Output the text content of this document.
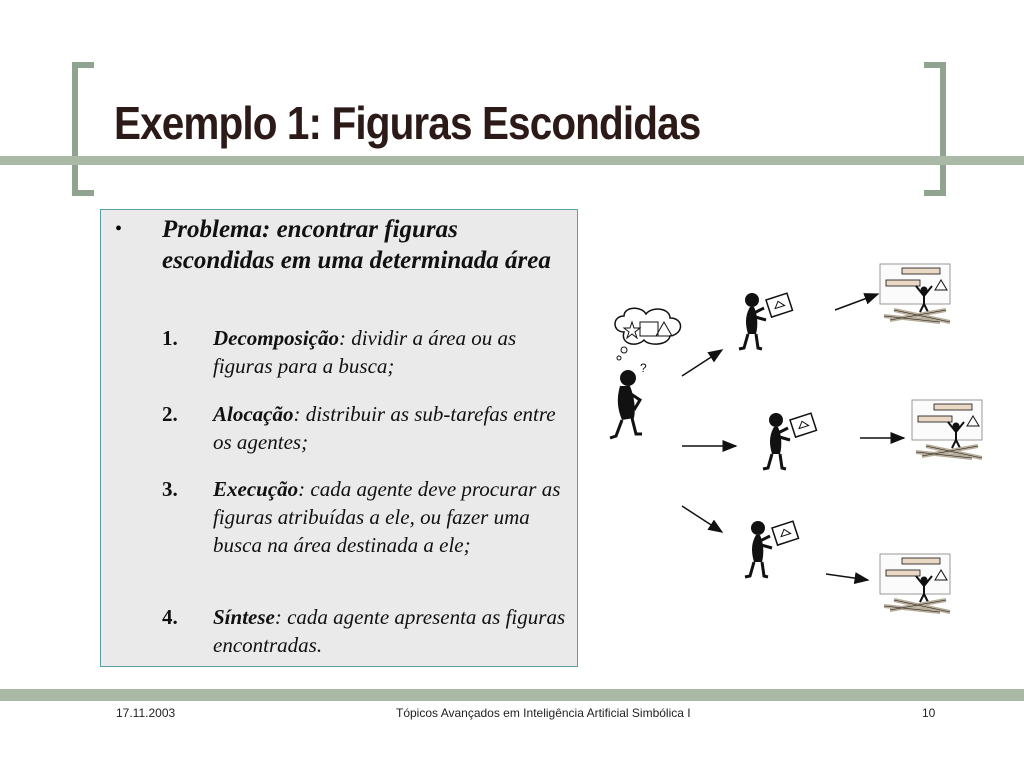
Exemplo 1: Figuras Escondidas
• Problema: encontrar figuras escondidas em uma determinada área
1. Decomposição: dividir a área ou as figuras para a busca;
2. Alocação: distribuir as sub-tarefas entre os agentes;
3. Execução: cada agente deve procurar as figuras atribuídas a ele, ou fazer uma busca na área destinada a ele;
4. Síntese: cada agente apresenta as figuras encontradas.
?
17.11.2003	Tópicos Avançados em Inteligência Artificial Simbólica I	10
